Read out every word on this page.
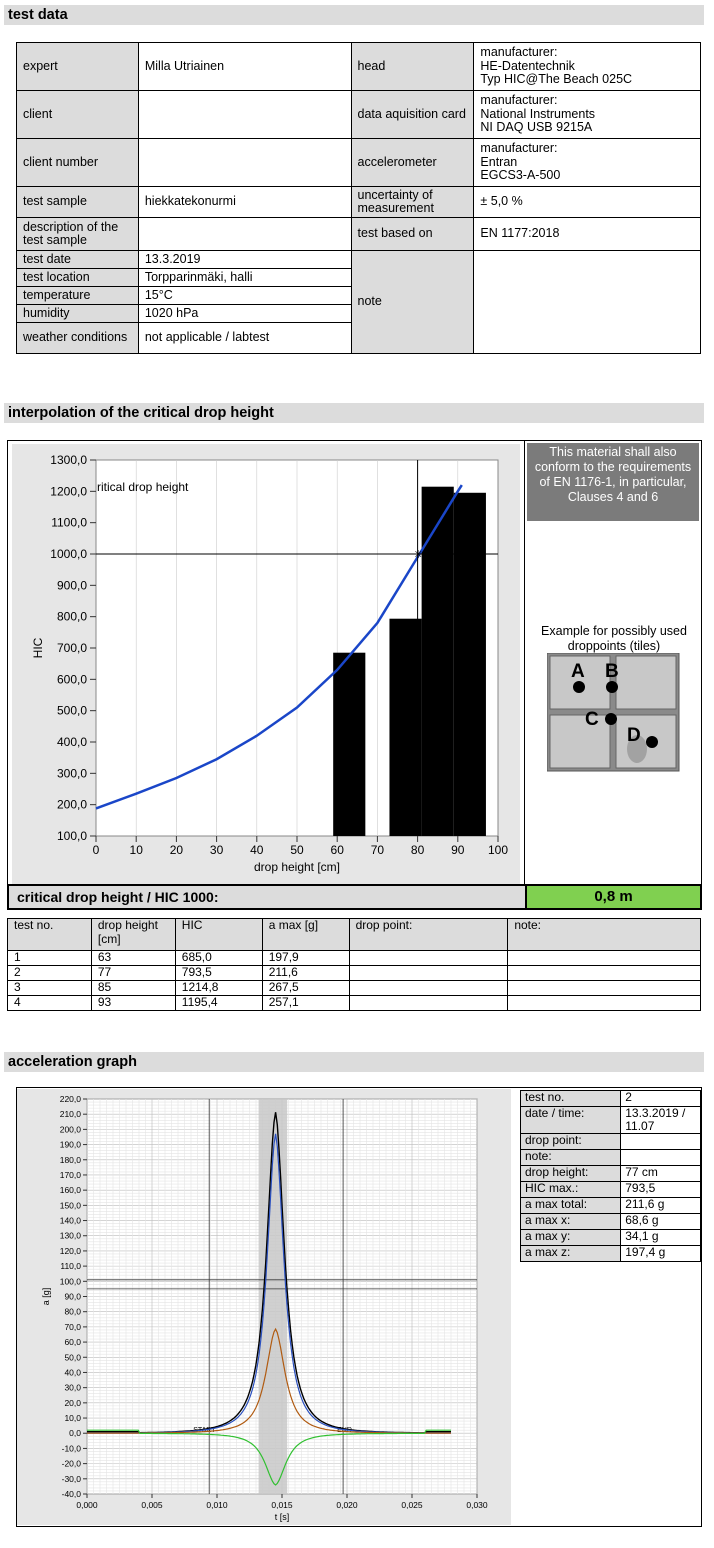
test data
expert	Milla Utriainen	head	manufacturer:
HE-Datentechnik
Typ HIC@The Beach 025C

client		data aquisition card	manufacturer:
National Instruments
NI DAQ USB 9215A

client number		accelerometer	manufacturer:
Entran
EGCS3-A-500

test sample	hiekkatekonurmi	uncertainty of measurement	± 5,0 %
description of the test sample		test based on	EN 1177:2018
test date	13.3.2019	note	
test location	Torpparinmäki, halli		
temperature	15°C		
humidity	1020 hPa		
weather conditions	not applicable / labtest		
interpolation of the critical drop height
100,0
200,0
300,0
400,0
500,0
600,0
700,0
800,0
900,0
1000,0
1100,0
1200,0
1300,0
0	10 20 30 40 50 60 70 80 90 100
drop height [cm]
HIC
✳
ritical drop height
This material shall also conform to the requirements of EN 1176-1, in particular, Clauses 4 and 6
Example for possibly used droppoints (tiles)
A B
C
D
critical drop height / HIC 1000:	0,8 m
test no.	drop height [cm]	HIC	a max [g]	drop point:	note:
1	63	685,0	197,9		
2	77	793,5	211,6		
3	85	1214,8	267,5		
4	93	1195,4	257,1		
acceleration graph
-40,0
-30,0
-20,0
-10,0
0,0
10,0
20,0
30,0
40,0
50,0
60,0
70,0
80,0
90,0
100,0
110,0
120,0
130,0
140,0
150,0
160,0
170,0
180,0
190,0
200,0
210,0
220,0
0,000	0,005	0,010	0,015	0,020	0,025	0,030
t [s]
a [g]
START	END
test no.	2
date / time:	13.3.2019 / 11.07
drop point:	
note:	
drop height:	77 cm
HIC max.:	793,5
a max total:	211,6 g
a max x:	68,6 g
a max y:	34,1 g
a max z:	197,4 g
